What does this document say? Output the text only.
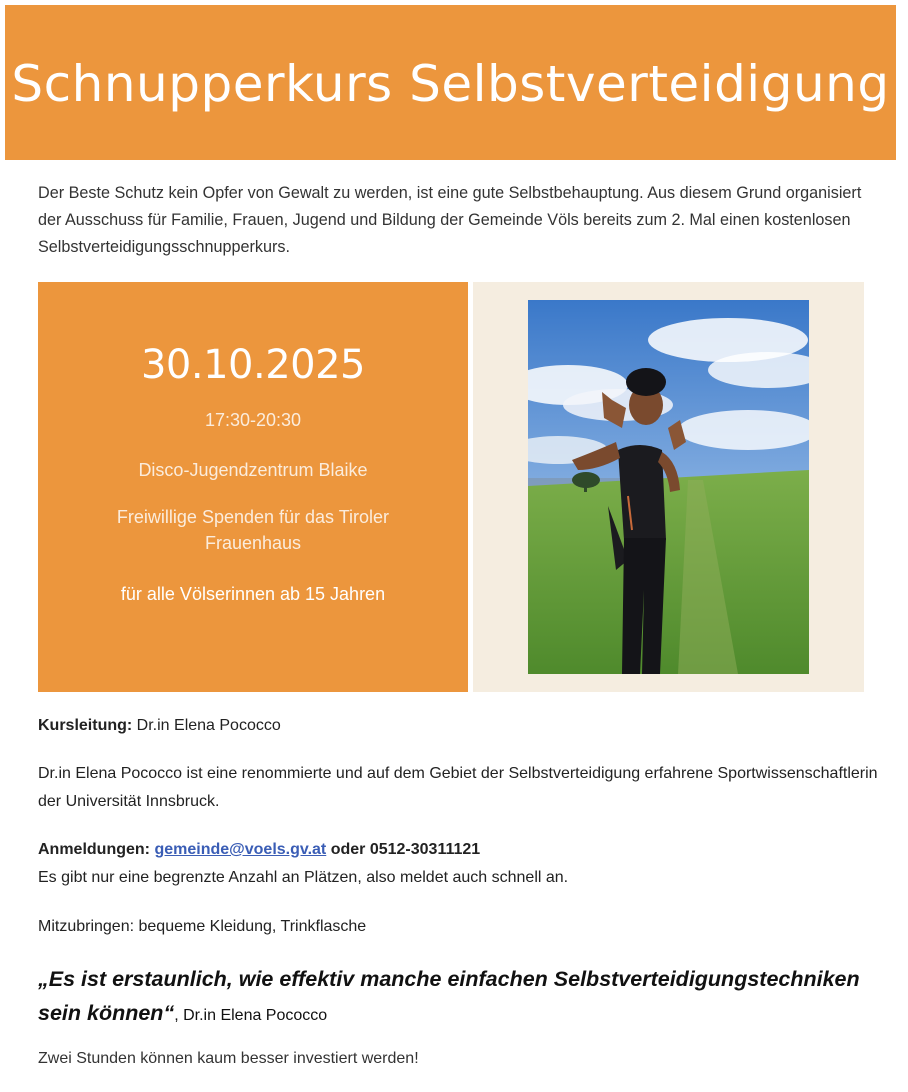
Schnupperkurs Selbstverteidigung
Der Beste Schutz kein Opfer von Gewalt zu werden, ist eine gute Selbstbehauptung. Aus diesem Grund organisiert der Ausschuss für Familie, Frauen, Jugend und Bildung der Gemeinde Völs bereits zum 2. Mal einen kostenlosen Selbstverteidigungsschnupperkurs.
30.10.2025
17:30-20:30
Disco-Jugendzentrum Blaike
Freiwillige Spenden für das Tiroler Frauenhaus
für alle Völserinnen ab 15 Jahren
Kursleitung: Dr.in Elena Pococco
Dr.in Elena Pococco ist eine renommierte und auf dem Gebiet der Selbstverteidigung erfahrene Sportwissenschaftlerin der Universität Innsbruck.
Anmeldungen: gemeinde@voels.gv.at oder 0512-30311121
Es gibt nur eine begrenzte Anzahl an Plätzen, also meldet auch schnell an.
Mitzubringen: bequeme Kleidung, Trinkflasche
„Es ist erstaunlich, wie effektiv manche einfachen Selbstverteidigungstechniken sein können“, Dr.in Elena Pococco
Zwei Stunden können kaum besser investiert werden!
